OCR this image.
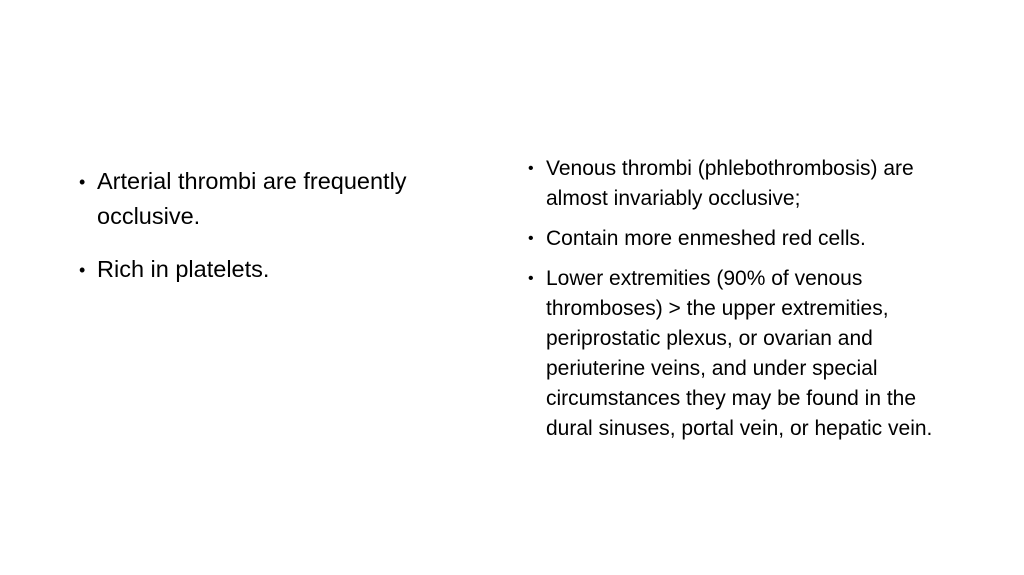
• Arterial thrombi are frequently occlusive.
• Rich in platelets.
• Venous thrombi (phlebothrombosis) are almost invariably occlusive;
• Contain more enmeshed red cells.
• Lower extremities (90% of venous thromboses) > the upper extremities, periprostatic plexus, or ovarian and periuterine veins, and under special circumstances they may be found in the dural sinuses, portal vein, or hepatic vein.
